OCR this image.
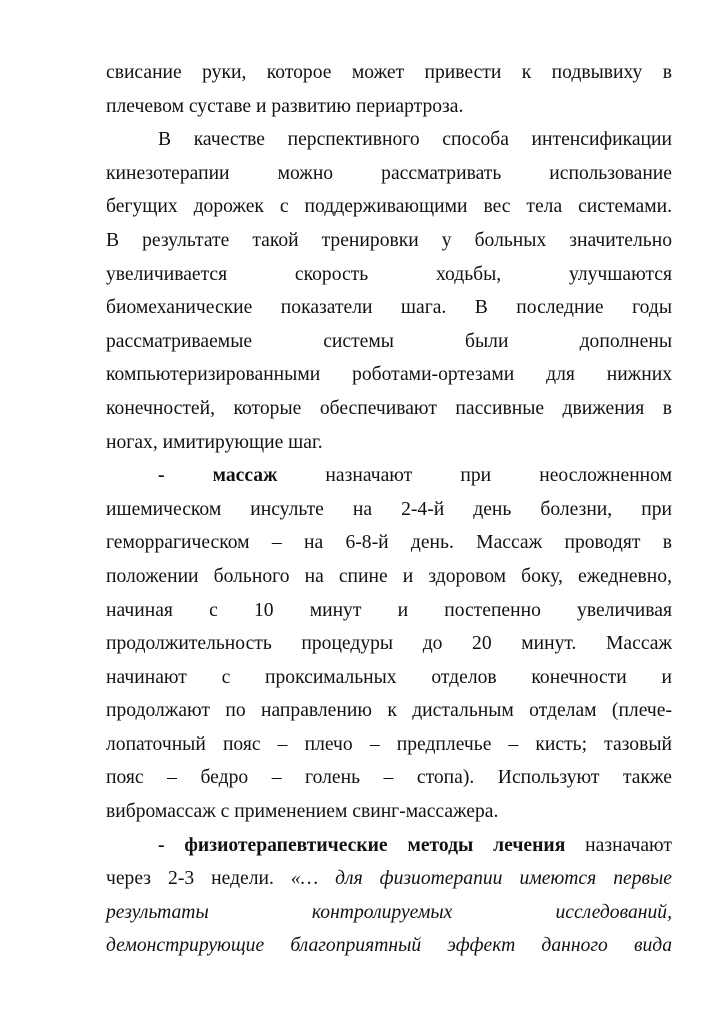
свисание руки, которое может привести к подвывиху в
плечевом суставе и развитию периартроза.
В качестве перспективного способа интенсификации
кинезотерапии можно рассматривать использование
бегущих дорожек с поддерживающими вес тела системами.
В результате такой тренировки у больных значительно
увеличивается скорость ходьбы, улучшаются
биомеханические показатели шага. В последние годы
рассматриваемые системы были дополнены
компьютеризированными роботами-ортезами для нижних
конечностей, которые обеспечивают пассивные движения в
ногах, имитирующие шаг.
- массаж назначают при неосложненном
ишемическом инсульте на 2-4-й день болезни, при
геморрагическом – на 6-8-й день. Массаж проводят в
положении больного на спине и здоровом боку, ежедневно,
начиная с 10 минут и постепенно увеличивая
продолжительность процедуры до 20 минут. Массаж
начинают с проксимальных отделов конечности и
продолжают по направлению к дистальным отделам (плече-
лопаточный пояс – плечо – предплечье – кисть; тазовый
пояс – бедро – голень – стопа). Используют также
вибромассаж с применением свинг-массажера.
- физиотерапевтические методы лечения назначают
через 2-3 недели. «… для физиотерапии имеются первые
результаты контролируемых исследований,
демонстрирующие благоприятный эффект данного вида
